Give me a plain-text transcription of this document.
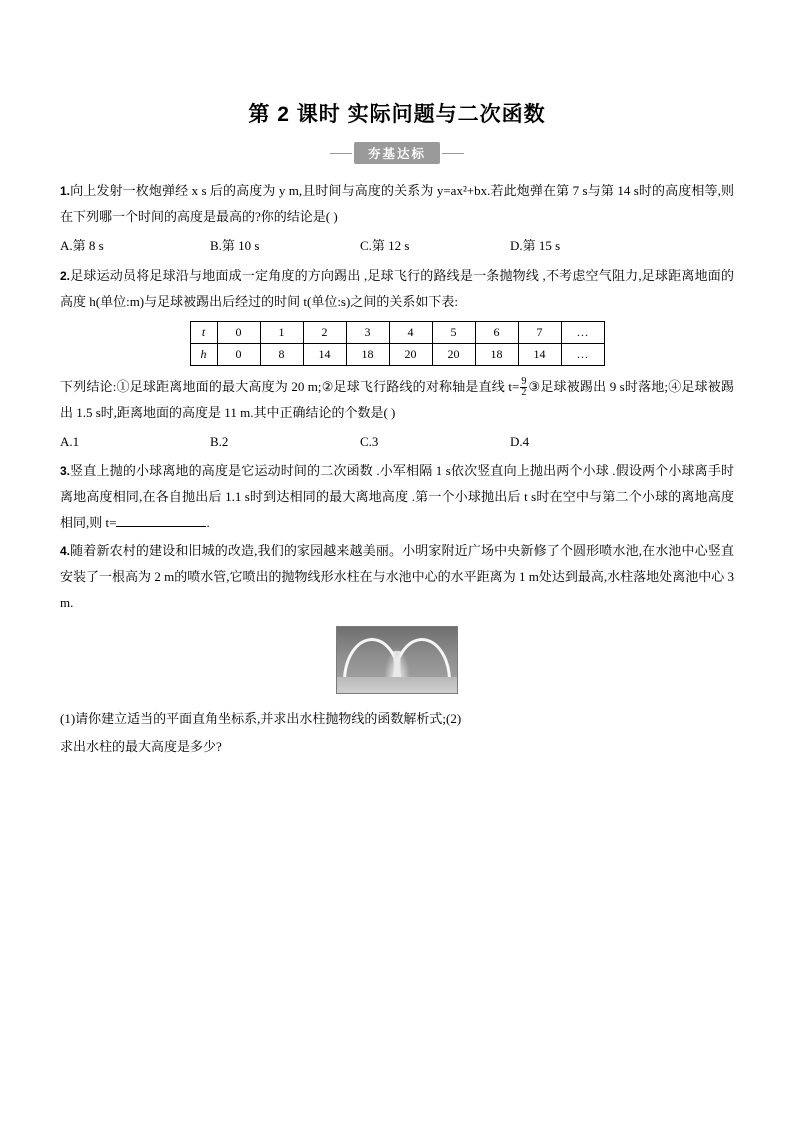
第 2 课时 实际问题与二次函数
夯基达标
1.向上发射一枚炮弹经 x s 后的高度为 y m,且时间与高度的关系为 y=ax²+bx.若此炮弹在第 7 s与第 14 s时的高度相等,则在下列哪一个时间的高度是最高的?你的结论是( )
A.第 8 s	B.第 10 s	C.第 12 s	D.第 15 s
2.足球运动员将足球沿与地面成一定角度的方向踢出 ,足球飞行的路线是一条抛物线 ,不考虑空气阻力,足球距离地面的高度 h(单位:m)与足球被踢出后经过的时间 t(单位:s)之间的关系如下表:
t	0	1	2	3	4	5	6	7	…
h	0	8	14	18	20	20	18	14	…
下列结论:①足球距离地面的最大高度为 20 m;②足球飞行路线的对称轴是直线 $t= \frac{9}{2}$ ③足球被踢出 9 s时落地;④足球被踢出 1.5 s时,距离地面的高度是 11 m.其中正确结论的个数是( )
A.1	B.2	C.3	D.4
3.竖直上抛的小球离地的高度是它运动时间的二次函数 .小军相隔 1 s依次竖直向上抛出两个小球 .假设两个小球离手时离地高度相同,在各自抛出后 1.1 s时到达相同的最大离地高度 .第一个小球抛出后 t s时在空中与第二个小球的离地高度相同,则 t=	.
4.随着新农村的建设和旧城的改造,我们的家园越来越美丽。小明家附近广场中央新修了个圆形喷水池,在水池中心竖直安装了一根高为 2 m的喷水管,它喷出的抛物线形水柱在与水池中心的水平距离为 1 m处达到最高,水柱落地处离池中心 3 m.
(1)请你建立适当的平面直角坐标系,并求出水柱抛物线的函数解析式;(2)
求出水柱的最大高度是多少?
